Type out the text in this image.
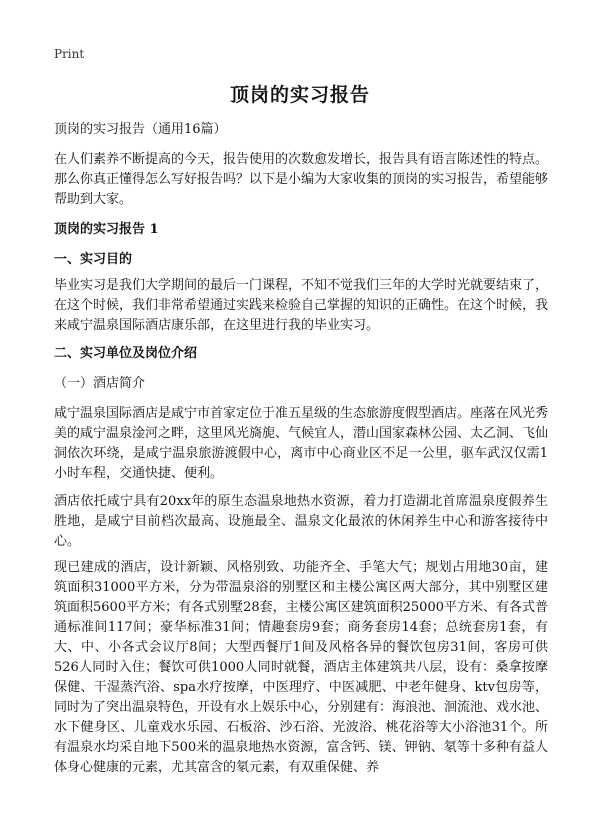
Print
顶岗的实习报告

顶岗的实习报告（通用16篇）

在人们素养不断提高的今天，报告使用的次数愈发增长，报告具有语言陈述性的特点。那么你真正懂得怎么写好报告吗？以下是小编为大家收集的顶岗的实习报告，希望能够帮助到大家。

顶岗的实习报告 1

一、实习目的

毕业实习是我们大学期间的最后一门课程，不知不觉我们三年的大学时光就要结束了，在这个时候，我们非常希望通过实践来检验自己掌握的知识的正确性。在这个时候，我来咸宁温泉国际酒店康乐部，在这里进行我的毕业实习。

二、实习单位及岗位介绍

（一）酒店简介

咸宁温泉国际酒店是咸宁市首家定位于准五星级的生态旅游度假型酒店。座落在风光秀美的咸宁温泉淦河之畔，这里风光旖旎、气候宜人，潜山国家森林公园、太乙洞、飞仙洞依次环绕，是咸宁温泉旅游渡假中心，离市中心商业区不足一公里，驱车武汉仅需1小时车程，交通快捷、便利。

酒店依托咸宁具有20xx年的原生态温泉地热水资源，着力打造湖北首席温泉度假养生胜地，是咸宁目前档次最高、设施最全、温泉文化最浓的休闲养生中心和游客接待中心。

现已建成的酒店，设计新颖、风格别致、功能齐全、手笔大气；规划占用地30亩，建筑面积31000平方米，分为带温泉浴的别墅区和主楼公寓区两大部分，其中别墅区建筑面积5600平方米；有各式别墅28套，主楼公寓区建筑面积25000平方米、有各式普通标准间117间；豪华标准31间；情趣套房9套；商务套房14套；总统套房1套，有大、中、小各式会议厅8间；大型西餐厅1间及风格各异的餐饮包房31间，客房可供526人同时入住；餐饮可供1000人同时就餐，酒店主体建筑共八层，设有：桑拿按摩保健、干湿蒸汽浴、spa水疗按摩，中医理疗、中医减肥、中老年健身、ktv包房等，同时为了突出温泉特色，开设有水上娱乐中心，分别建有：海浪池、洄流池、戏水池、水下健身区、儿童戏水乐园、石板浴、沙石浴、光波浴、桃花浴等大小浴池31个。所有温泉水均采自地下500米的温泉地热水资源，富含钙、镁、钾钠、氡等十多种有益人体身心健康的元素，尤其富含的氡元素，有双重保健、养
